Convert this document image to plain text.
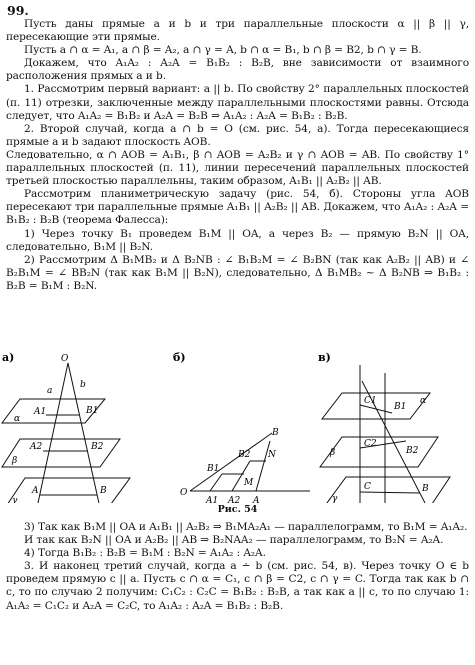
99.

Пусть даны прямые a и b и три параллельные плоскости α || β || γ, пересекающие эти прямые.

Пусть a ∩ α = A₁, a ∩ β = A₂, a ∩ γ = A, b ∩ α = B₁, b ∩ β = B2, b ∩ γ = B.

Докажем, что A₁A₂ : A₂A = B₁B₂ : B₂B, вне зависимости от взаимного расположения прямых a и b.

1. Рассмотрим первый вариант: a || b. По свойству 2° параллельных плоскостей (п. 11) отрезки, заключенные между параллельными плоскостями равны. Отсюда следует, что A₁A₂ = B₁B₂ и A₂A = B₂B ⇒ A₁A₂ : A₂A = B₁B₂ : B₂B.

2. Второй случай, когда a ∩ b = O (см. рис. 54, а). Тогда пересекающиеся прямые a и b задают плоскость AOB.

Следовательно, α ∩ AOB = A₁B₁, β ∩ AOB = A₂B₂ и γ ∩ AOB = AB. По свойству 1° параллельных плоскостей (п. 11), линии пересечений параллельных плоскостей третьей плоскостью параллельны, таким образом, A₁B₁ || A₂B₂ || AB.

Рассмотрим планиметрическую задачу (рис. 54, б). Стороны угла AOB пересекают три параллельные прямые A₁B₁ || A₂B₂ || AB. Докажем, что A₁A₂ : A₂A = B₁B₂ : B₂B (теорема Фалесса):

1) Через точку B₁ проведем B₁M || OA, а через B₂ — прямую B₂N || OA, следовательно, B₁M || B₂N.

2) Рассмотрим Δ B₁MB₂ и Δ B₂NB : ∠ B₁B₂M = ∠ B₂BN (так как A₂B₂ || AB) и ∠ B₂B₁M = ∠ BB₂N (так как B₁M || B₂N), следовательно, Δ B₁MB₂ ~ Δ B₂NB ⇒ B₁B₂ : B₂B = B₁M : B₂N.

а)	б)	в)
O
a
b
A1	B1
α
A2	B2
β
A	B
γ
O
A1 A2 A
B1
B2
B
M
N
C1
B1
α
C2
B2
β
C	B
γ
Рис. 54

3) Так как B₁M || OA и A₁B₁ || A₂B₂ ⇒ B₁MA₂A₁ — параллелограмм, то B₁M = A₁A₂.

И так как B₂N || OA и A₂B₂ || AB ⇒ B₂NAA₂ — параллелограмм, то B₂N = A₂A.

4) Тогда B₁B₂ : B₂B = B₁M : B₂N = A₁A₂ : A₂A.

3. И наконец третий случай, когда a ∸ b (см. рис. 54, в). Через точку O ∈ b проведем прямую c || a. Пусть c ∩ α = C₁, c ∩ β = C2, c ∩ γ = C. Тогда так как b ∩ c, то по случаю 2 получим: C₁C₂ : C₂C = B₁B₂ : B₂B, а так как a || c, то по случаю 1: A₁A₂ = C₁C₂ и A₂A = C₂C, то A₁A₂ : A₂A = B₁B₂ : B₂B.
